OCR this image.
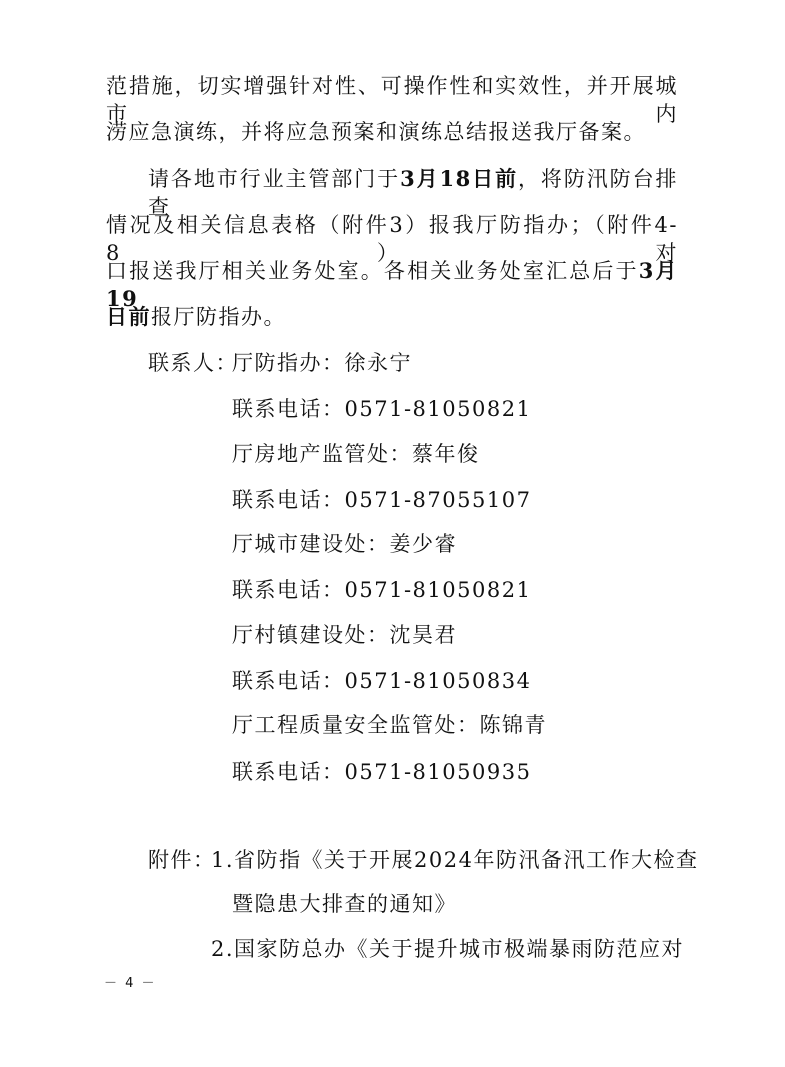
范措施，切实增强针对性、可操作性和实效性，并开展城市内
涝应急演练，并将应急预案和演练总结报送我厅备案。
请各地市行业主管部门于3月18日前，将防汛防台排查
情况及相关信息表格（附件3）报我厅防指办；（附件4-8）对
口报送我厅相关业务处室。各相关业务处室汇总后于3月19
日前报厅防指办。
联系人：
厅防指办：徐永宁
联系电话：0571-81050821
厅房地产监管处：蔡年俊
联系电话：0571-87055107
厅城市建设处：姜少睿
联系电话：0571-81050821
厅村镇建设处：沈昊君
联系电话：0571-81050834
厅工程质量安全监管处：陈锦青
联系电话：0571-81050935
附件：
1.省防指《关于开展2024年防汛备汛工作大检查
暨隐患大排查的通知》
2.国家防总办《关于提升城市极端暴雨防范应对
－ 4 －
